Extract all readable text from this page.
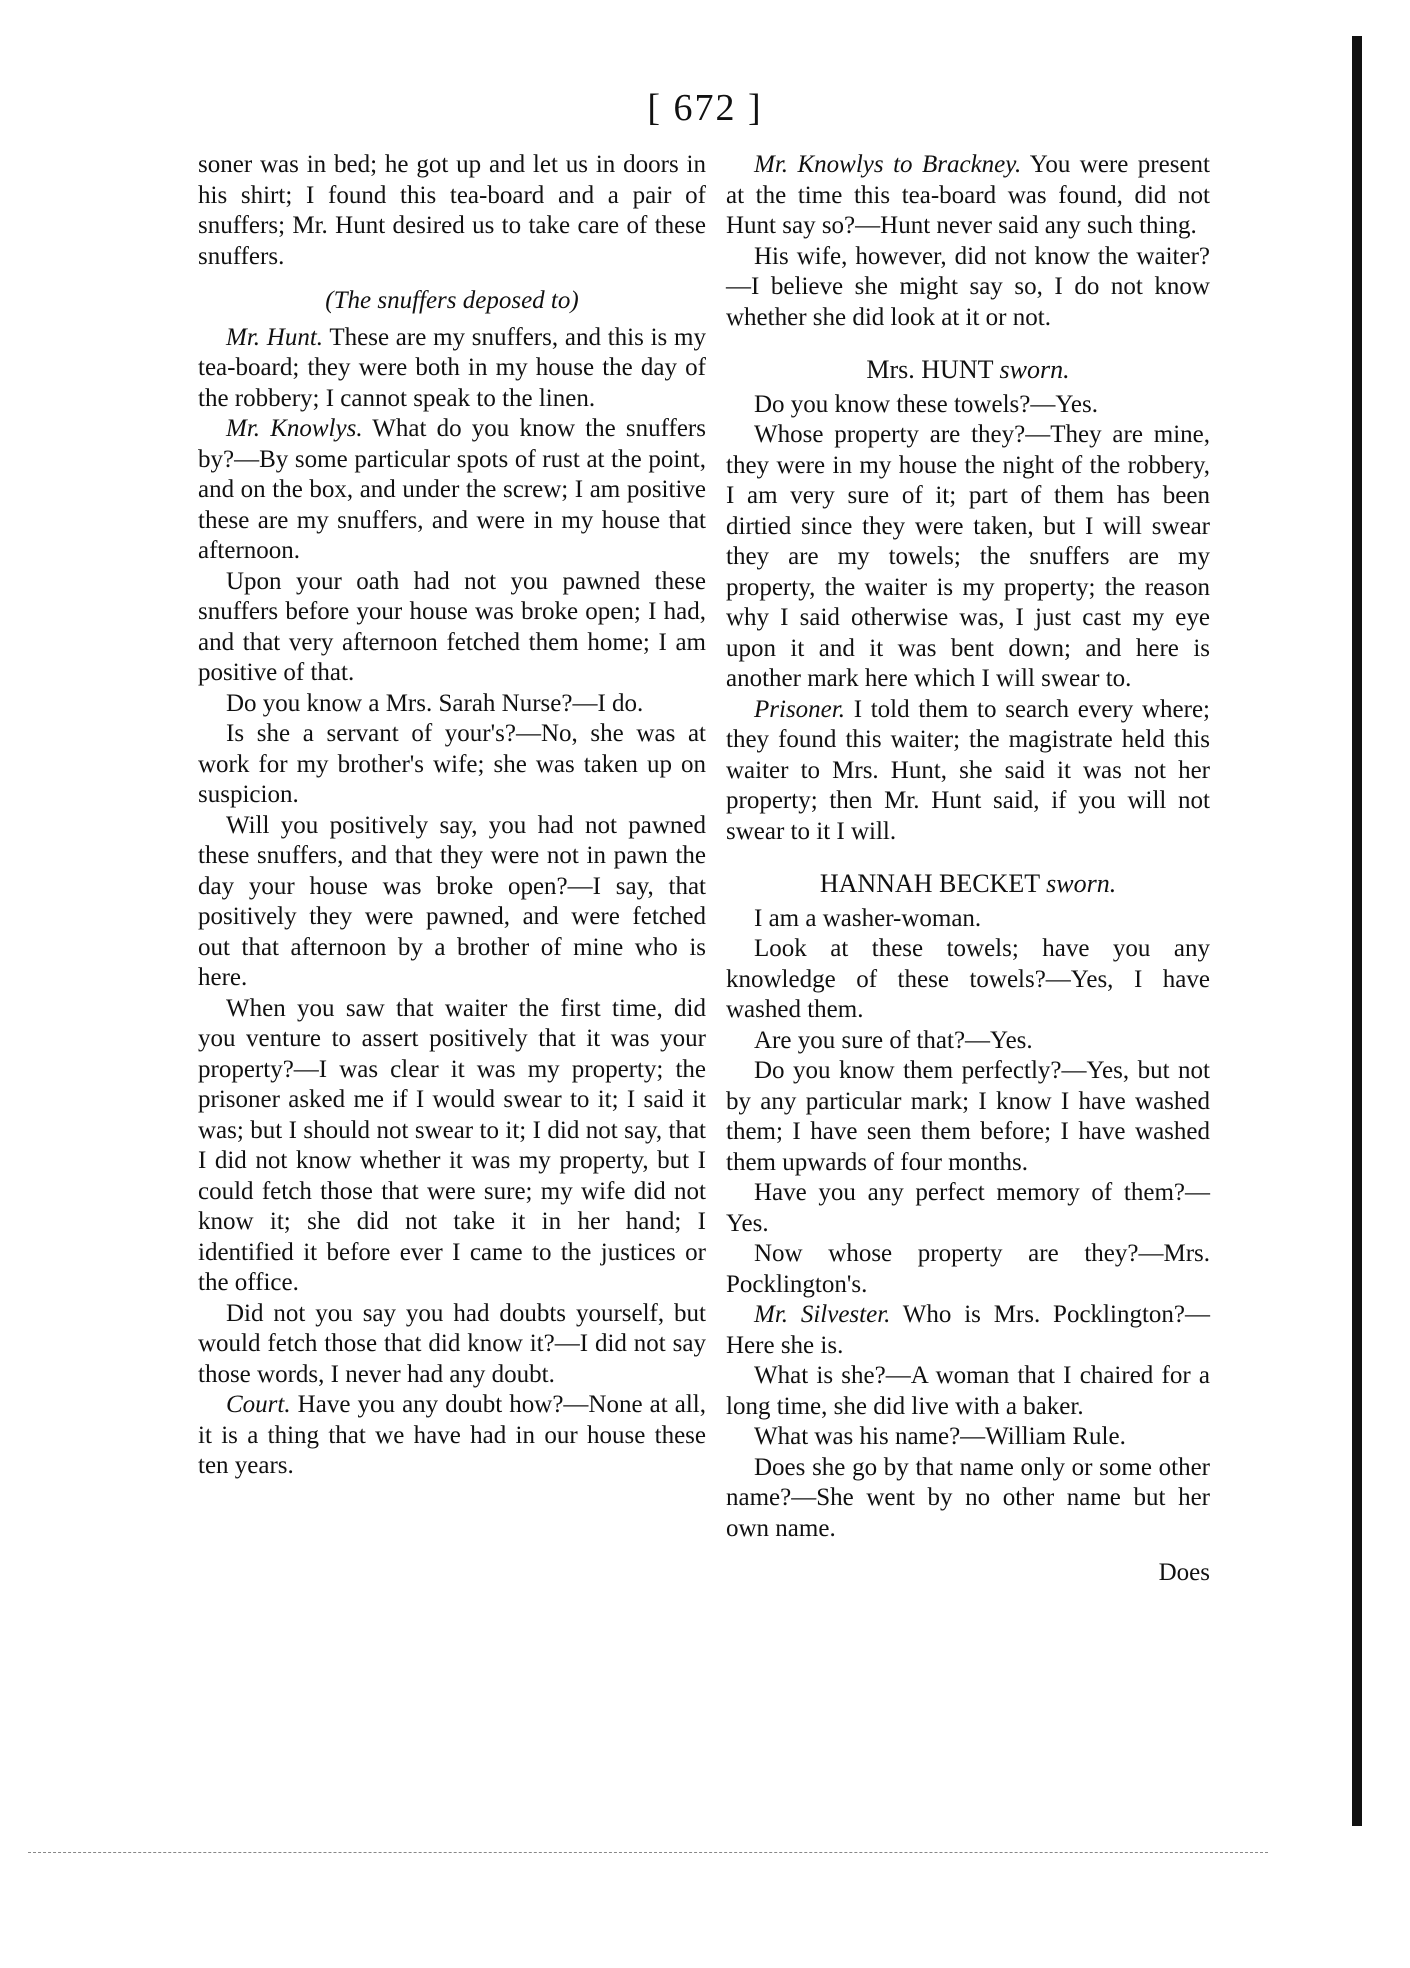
[ 672 ]

soner was in bed; he got up and let us in doors in his shirt; I found this tea-board and a pair of snuffers; Mr. Hunt desired us to take care of these snuffers.

(The snuffers deposed to)

Mr. Hunt. These are my snuffers, and this is my tea-board; they were both in my house the day of the robbery; I cannot speak to the linen.

Mr. Knowlys. What do you know the snuffers by?—By some particular spots of rust at the point, and on the box, and under the screw; I am positive these are my snuffers, and were in my house that afternoon.

Upon your oath had not you pawned these snuffers before your house was broke open; I had, and that very afternoon fetched them home; I am positive of that.

Do you know a Mrs. Sarah Nurse?—I do.

Is she a servant of your's?—No, she was at work for my brother's wife; she was taken up on suspicion.

Will you positively say, you had not pawned these snuffers, and that they were not in pawn the day your house was broke open?—I say, that positively they were pawned, and were fetched out that afternoon by a brother of mine who is here.

When you saw that waiter the first time, did you venture to assert positively that it was your property?—I was clear it was my property; the prisoner asked me if I would swear to it; I said it was; but I should not swear to it; I did not say, that I did not know whether it was my property, but I could fetch those that were sure; my wife did not know it; she did not take it in her hand; I identified it before ever I came to the justices or the office.

Did not you say you had doubts yourself, but would fetch those that did know it?—I did not say those words, I never had any doubt.

Court. Have you any doubt how?—None at all, it is a thing that we have had in our house these ten years.

Mr. Knowlys to Brackney. You were present at the time this tea-board was found, did not Hunt say so?—Hunt never said any such thing.

His wife, however, did not know the waiter?—I believe she might say so, I do not know whether she did look at it or not.

Mrs. HUNT sworn.

Do you know these towels?—Yes.

Whose property are they?—They are mine, they were in my house the night of the robbery, I am very sure of it; part of them has been dirtied since they were taken, but I will swear they are my towels; the snuffers are my property, the waiter is my property; the reason why I said otherwise was, I just cast my eye upon it and it was bent down; and here is another mark here which I will swear to.

Prisoner. I told them to search every where; they found this waiter; the magistrate held this waiter to Mrs. Hunt, she said it was not her property; then Mr. Hunt said, if you will not swear to it I will.

HANNAH BECKET sworn.

I am a washer-woman.

Look at these towels; have you any knowledge of these towels?—Yes, I have washed them.

Are you sure of that?—Yes.

Do you know them perfectly?—Yes, but not by any particular mark; I know I have washed them; I have seen them before; I have washed them upwards of four months.

Have you any perfect memory of them?—Yes.

Now whose property are they?—Mrs. Pocklington's.

Mr. Silvester. Who is Mrs. Pocklington?—Here she is.

What is she?—A woman that I chaired for a long time, she did live with a baker.

What was his name?—William Rule.

Does she go by that name only or some other name?—She went by no other name but her own name.

Does
